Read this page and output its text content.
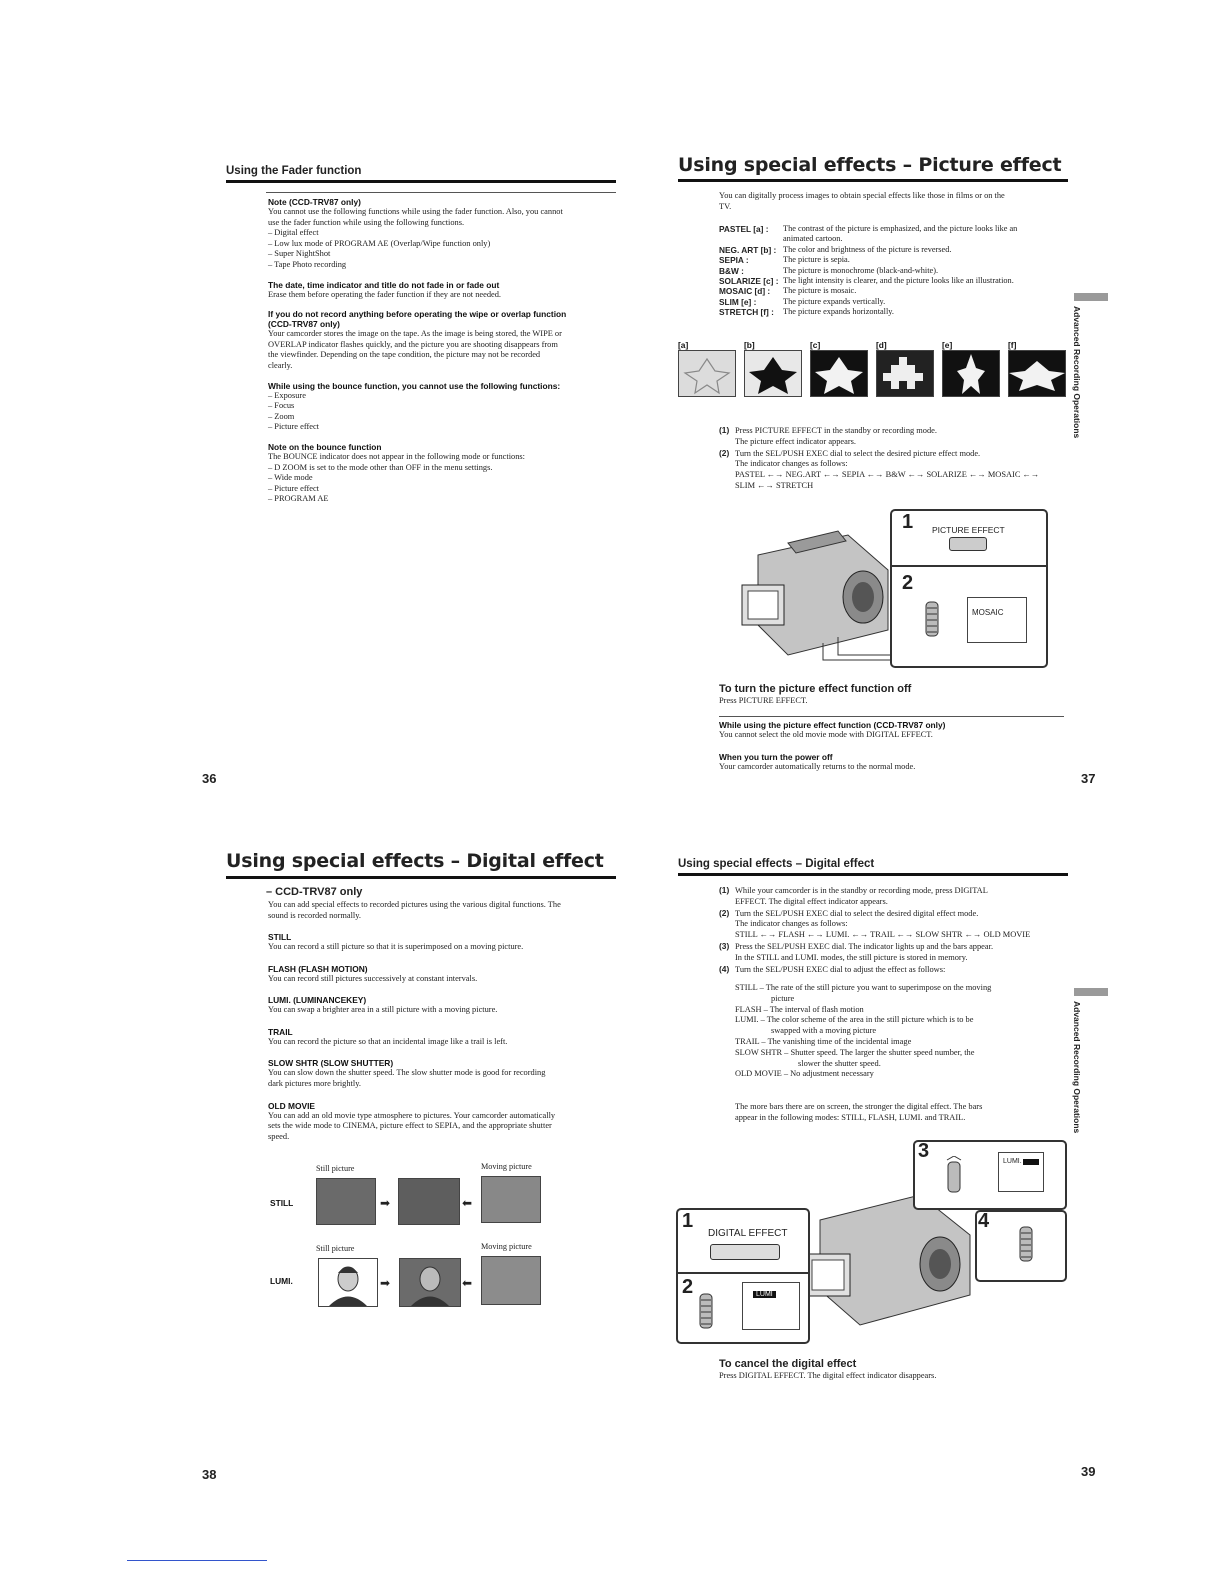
Using the Fader function
Note (CCD-TRV87 only)
You cannot use the following functions while using the fader function. Also, you cannot
use the fader function while using the following functions.
– Digital effect
– Low lux mode of PROGRAM AE (Overlap/Wipe function only)
– Super NightShot
– Tape Photo recording
The date, time indicator and title do not fade in or fade out
Erase them before operating the fader function if they are not needed.
If you do not record anything before operating the wipe or overlap function
(CCD-TRV87 only)
Your camcorder stores the image on the tape. As the image is being stored, the WIPE or
OVERLAP indicator flashes quickly, and the picture you are shooting disappears from
the viewfinder. Depending on the tape condition, the picture may not be recorded
clearly.
While using the bounce function, you cannot use the following functions:
– Exposure
– Focus
– Zoom
– Picture effect
Note on the bounce function
The BOUNCE indicator does not appear in the following mode or functions:
– D ZOOM is set to the mode other than OFF in the menu settings.
– Wide mode
– Picture effect
– PROGRAM AE
36
Using special effects – Picture effect
You can digitally process images to obtain special effects like those in films or on the
TV.
PASTEL [a] :	The contrast of the picture is emphasized, and the picture looks like an
animated cartoon.
NEG. ART [b] : The color and brightness of the picture is reversed.
SEPIA :	The picture is sepia.
B&W :	The picture is monochrome (black-and-white).
SOLARIZE [c] : The light intensity is clearer, and the picture looks like an illustration.
MOSAIC [d] :	The picture is mosaic.
SLIM [e] :	The picture expands vertically.
STRETCH [f] :	The picture expands horizontally.	Advanced Recording Operations
[a]	[b]	[c]	[d]	[e]	[f]
(1) Press PICTURE EFFECT in the standby or recording mode.
The picture effect indicator appears.
(2) Turn the SEL/PUSH EXEC dial to select the desired picture effect mode.
The indicator changes as follows:
PASTEL ←→ NEG.ART ←→ SEPIA ←→ B&W ←→ SOLARIZE ←→ MOSAIC ←→
SLIM ←→ STRETCH
1 PICTURE EFFECT
2
MOSAIC
To turn the picture effect function off
Press PICTURE EFFECT.
While using the picture effect function (CCD-TRV87 only)
You cannot select the old movie mode with DIGITAL EFFECT.
When you turn the power off
Your camcorder automatically returns to the normal mode.
37
Using special effects – Digital effect
– CCD-TRV87 only
You can add special effects to recorded pictures using the various digital functions. The
sound is recorded normally.
STILL
You can record a still picture so that it is superimposed on a moving picture.
FLASH (FLASH MOTION)
You can record still pictures successively at constant intervals.
LUMI. (LUMINANCEKEY)
You can swap a brighter area in a still picture with a moving picture.
TRAIL
You can record the picture so that an incidental image like a trail is left.
SLOW SHTR (SLOW SHUTTER)
You can slow down the shutter speed. The slow shutter mode is good for recording
dark pictures more brightly.
OLD MOVIE
You can add an old movie type atmosphere to pictures. Your camcorder automatically
sets the wide mode to CINEMA, picture effect to SEPIA, and the appropriate shutter
speed.
Still picture	Moving picture
STILL	➡	⬅
Still picture	Moving picture
LUMI.	➡	⬅
38
Using special effects – Digital effect
(1) While your camcorder is in the standby or recording mode, press DIGITAL
EFFECT. The digital effect indicator appears.
(2) Turn the SEL/PUSH EXEC dial to select the desired digital effect mode.
The indicator changes as follows:
STILL ←→ FLASH ←→ LUMI. ←→ TRAIL ←→ SLOW SHTR ←→ OLD MOVIE
(3) Press the SEL/PUSH EXEC dial. The indicator lights up and the bars appear.
In the STILL and LUMI. modes, the still picture is stored in memory.
(4) Turn the SEL/PUSH EXEC dial to adjust the effect as follows:
STILL – The rate of the still picture you want to superimpose on the moving
picture
FLASH – The interval of flash motion
LUMI. – The color scheme of the area in the still picture which is to be
swapped with a moving picture
TRAIL – The vanishing time of the incidental image
SLOW SHTR – Shutter speed. The larger the shutter speed number, the
slower the shutter speed.
OLD MOVIE – No adjustment necessary
The more bars there are on screen, the stronger the digital effect. The bars
appear in the following modes: STILL, FLASH, LUMI. and TRAIL.	Advanced Recording Operations
3	LUMI.
4
1
DIGITAL EFFECT
2	LUMI
To cancel the digital effect
Press DIGITAL EFFECT. The digital effect indicator disappears.
39
